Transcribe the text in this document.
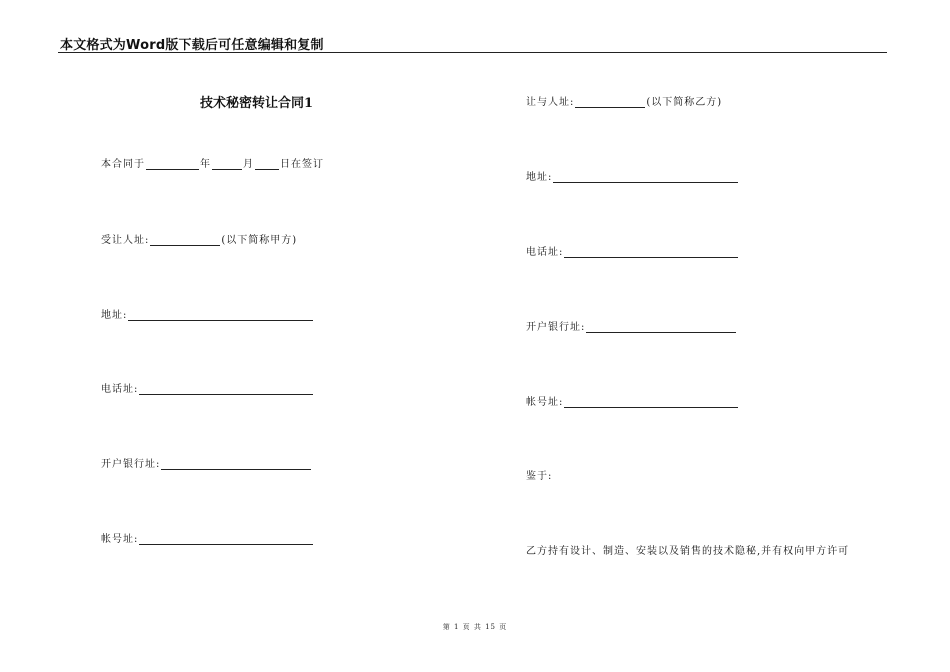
本文格式为Word版下载后可任意编辑和复制
技术秘密转让合同1
本合同于	年	月	日在签订
受让人址:	(以下简称甲方)
地址:
电话址:
开户银行址:
帐号址:
让与人址:	(以下简称乙方)
地址:
电话址:
开户银行址:
帐号址:
鉴于:
乙方持有设计、制造、安装以及销售的技术隐秘,并有权向甲方许可
第 1 页 共 15 页
